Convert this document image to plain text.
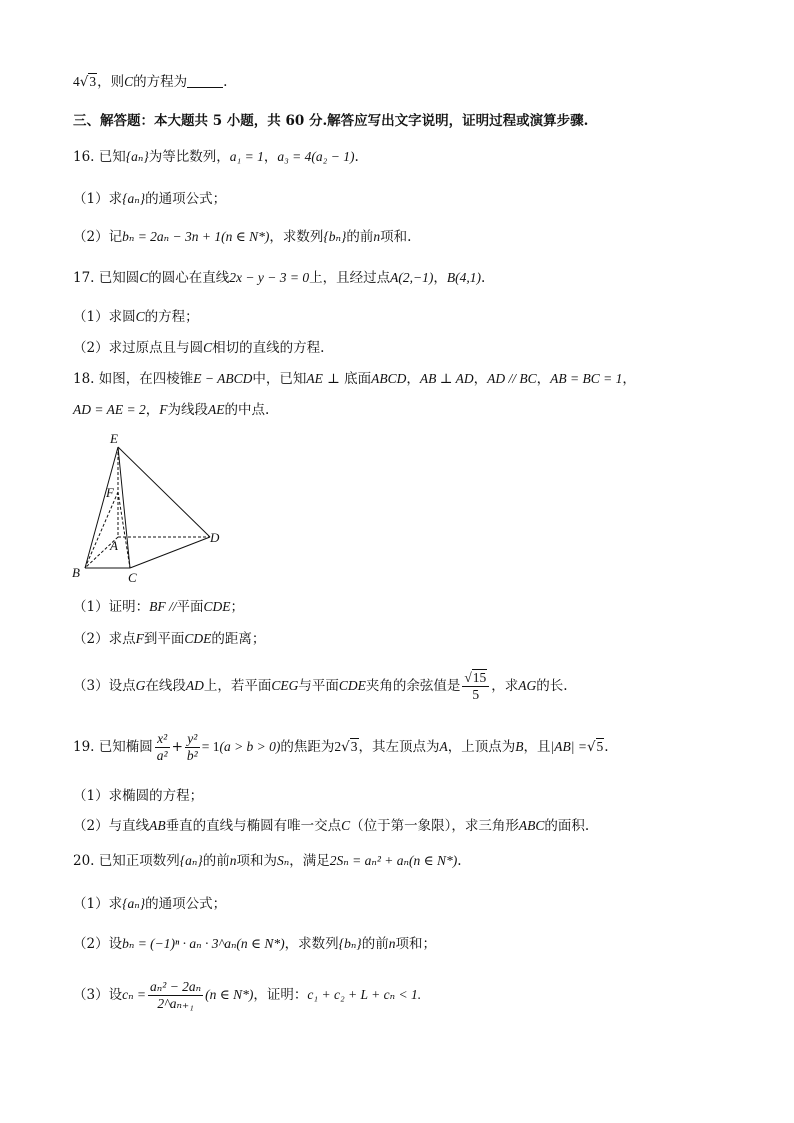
4√3，则C的方程为	.
三、解答题：本大题共 5 小题，共 60 分.解答应写出文字说明，证明过程或演算步骤.
16. 已知{aₙ}为等比数列，a₁ = 1，a₃ = 4(a₂ − 1).
（1）求{aₙ}的通项公式；
（2）记bₙ = 2aₙ − 3n + 1(n ∈ N*)，求数列{bₙ}的前n项和.
17. 已知圆C的圆心在直线2x − y − 3 = 0上，且经过点A(2,−1)，B(4,1).
（1）求圆C的方程；
（2）求过原点且与圆C相切的直线的方程.
18. 如图，在四棱锥E − ABCD中，已知AE ⊥ 底面ABCD，AB ⊥ AD，AD // BC，AB = BC = 1，
AD = AE = 2，F为线段AE的中点.
E
F
A
B	C
D
（1）证明：BF //平面CDE；
（2）求点F到平面CDE的距离；
（3）设点G在线段AD上，若平面CEG与平面CDE夹角的余弦值是 $\frac{√15}{5}$ ，求AG的长.
19. 已知椭圆 $\frac{\text{x²}}{\text{a²}} + \frac{\text{y²}}{\text{b²}} = 1(a > b > 0)$的焦距为2√3，其左顶点为A，上顶点为B，且|AB| =√5.
（1）求椭圆的方程；
（2）与直线AB垂直的直线与椭圆有唯一交点C（位于第一象限），求三角形ABC的面积.
20. 已知正项数列{aₙ}的前n项和为Sₙ，满足2Sₙ = aₙ² + aₙ(n ∈ N*).
（1）求{aₙ}的通项公式；
（2）设bₙ = (−1)ⁿ · aₙ · 3^aₙ(n ∈ N*)，求数列{bₙ}的前n项和；
（3）设$c_n = \frac{\text{aₙ² − 2aₙ}}{\text{2\textasciicircum{}aₙ₊₁}} (n$ ∈ N*)，证明：c₁ + c₂ + L + cₙ < 1.
